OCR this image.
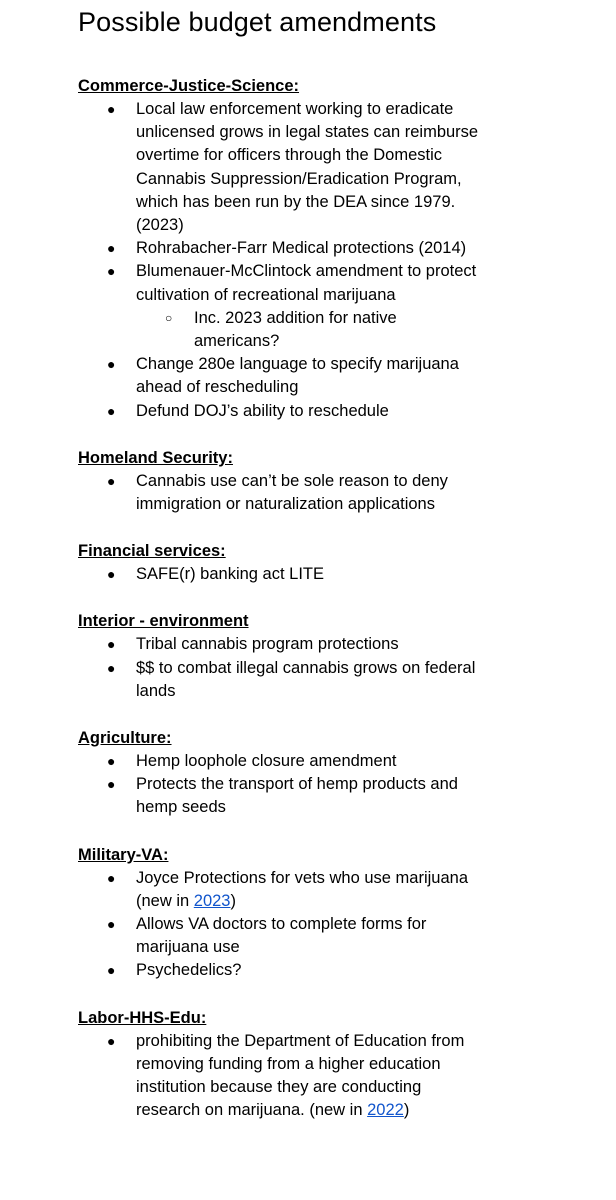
Possible budget amendments

Commerce-Justice-Science:

● Local law enforcement working to eradicate unlicensed grows in legal states can reimburse overtime for officers through the Domestic Cannabis Suppression/Eradication Program, which has been run by the DEA since 1979. (2023)
● Rohrabacher-Farr Medical protections (2014)
● Blumenauer-McClintock amendment to protect cultivation of recreational marijuana
○ Inc. 2023 addition for native americans?
● Change 280e language to specify marijuana ahead of rescheduling
● Defund DOJ’s ability to reschedule

Homeland Security:

● Cannabis use can’t be sole reason to deny immigration or naturalization applications

Financial services:

● SAFE(r) banking act LITE

Interior - environment

● Tribal cannabis program protections
● $$ to combat illegal cannabis grows on federal lands

Agriculture:

● Hemp loophole closure amendment
● Protects the transport of hemp products and hemp seeds

Military-VA:

● Joyce Protections for vets who use marijuana (new in 2023)
● Allows VA doctors to complete forms for marijuana use
● Psychedelics?

Labor-HHS-Edu:

● prohibiting the Department of Education from removing funding from a higher education institution because they are conducting research on marijuana. (new in 2022)
